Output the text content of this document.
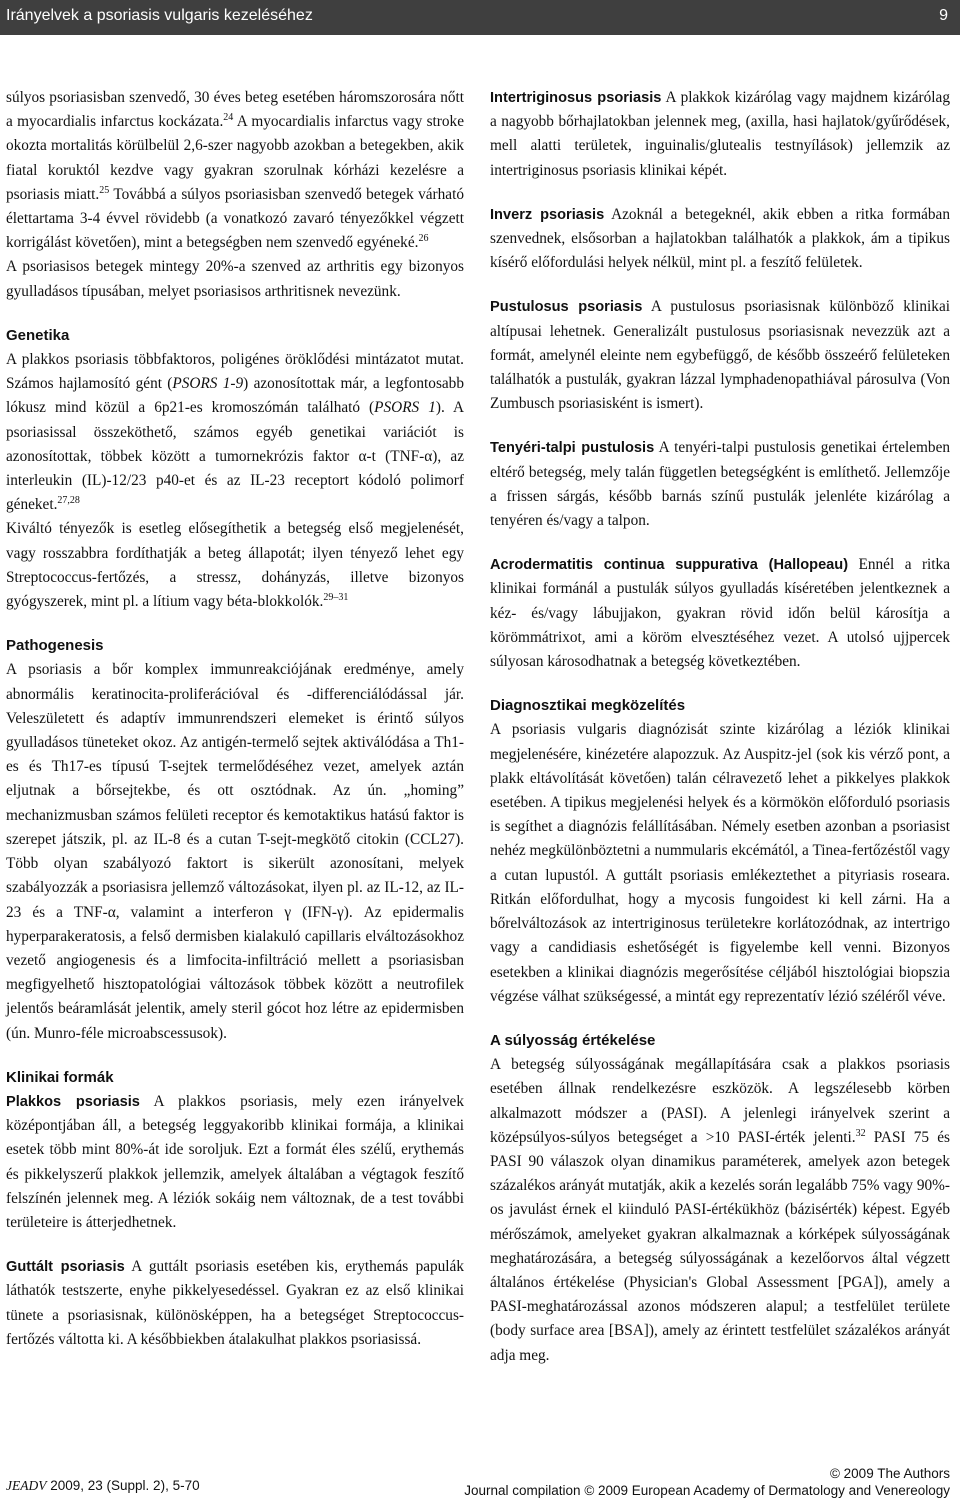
Irányelvek a psoriasis vulgaris kezeléséhez	9

súlyos psoriasisban szenvedő, 30 éves beteg esetében háromszorosára nőtt a myocardialis infarctus kockázata.$^{24}$ A myocardialis infarctus vagy stroke okozta mortalitás körülbelül 2,6-szer nagyobb azokban a betegekben, akik fiatal koruktól kezdve vagy gyakran szorulnak kórházi kezelésre a psoriasis miatt.$^{25}$ Továbbá a súlyos psoriasisban szenvedő betegek várható élettartama 3-4 évvel rövidebb (a vonatkozó zavaró tényezőkkel végzett korrigálást követően), mint a betegségben nem szenvedő egyéneké.$^{26}$

A psoriasisos betegek mintegy 20%-a szenved az arthritis egy bizonyos gyulladásos típusában, melyet psoriasisos arthritisnek nevezünk.

Genetika

A plakkos psoriasis többfaktoros, poligénes öröklődési mintázatot mutat. Számos hajlamosító gént (PSORS 1-9) azonosítottak már, a legfontosabb lókusz mind közül a 6p21-es kromoszómán található (PSORS 1). A psoriasissal összeköthető, számos egyéb genetikai variációt is azonosítottak, többek között a tumornekrózis faktor α-t (TNF-α), az interleukin (IL)-12/23 p40-et és az IL-23 receptort kódoló polimorf géneket.$^{27,28}$

Kiváltó tényezők is esetleg elősegíthetik a betegség első megjelenését, vagy rosszabbra fordíthatják a beteg állapotát; ilyen tényező lehet egy Streptococcus-fertőzés, a stressz, dohányzás, illetve bizonyos gyógyszerek, mint pl. a lítium vagy béta-blokkolók.$^{29-31}$

Pathogenesis

A psoriasis a bőr komplex immunreakciójának eredménye, amely abnormális keratinocita-proliferációval és -differenciálódással jár. Veleszületett és adaptív immunrendszeri elemeket is érintő súlyos gyulladásos tüneteket okoz. Az antigén-termelő sejtek aktiválódása a Th1-es és Th17-es típusú T-sejtek termelődéséhez vezet, amelyek aztán eljutnak a bőrsejtekbe, és ott osztódnak. Az ún. „homing” mechanizmusban számos felületi receptor és kemotaktikus hatású faktor is szerepet játszik, pl. az IL-8 és a cutan T-sejt-megkötő citokin (CCL27). Több olyan szabályozó faktort is sikerült azonosítani, melyek szabályozzák a psoriasisra jellemző változásokat, ilyen pl. az IL-12, az IL-23 és a TNF-α, valamint a interferon γ (IFN-γ). Az epidermalis hyperparakeratosis, a felső dermisben kialakuló capillaris elváltozásokhoz vezető angiogenesis és a limfocita-infiltráció mellett a psoriasisban megfigyelhető hisztopatológiai változások többek között a neutrofilek jelentős beáramlását jelentik, amely steril gócot hoz létre az epidermisben (ún. Munro-féle microabscessusok).

Klinikai formák

Plakkos psoriasis A plakkos psoriasis, mely ezen irányelvek középontjában áll, a betegség leggyakoribb klinikai formája, a klinikai esetek több mint 80%-át ide soroljuk. Ezt a formát éles szélű, erythemás és pikkelyszerű plakkok jellemzik, amelyek általában a végtagok feszítő felszínén jelennek meg. A léziók sokáig nem változnak, de a test további területeire is átterjedhetnek.

Guttált psoriasis A guttált psoriasis esetében kis, erythemás papulák láthatók testszerte, enyhe pikkelyesedéssel. Gyakran ez az első klinikai tünete a psoriasisnak, különösképpen, ha a betegséget Streptococcus-fertőzés váltotta ki. A későbbiekben átalakulhat plakkos psoriasissá.

Intertriginosus psoriasis A plakkok kizárólag vagy majdnem kizárólag a nagyobb bőrhajlatokban jelennek meg, (axilla, hasi hajlatok/gyűrődések, mell alatti területek, inguinalis/glutealis testnyílások) jellemzik az intertriginosus psoriasis klinikai képét.

Inverz psoriasis Azoknál a betegeknél, akik ebben a ritka formában szenvednek, elsősorban a hajlatokban találhatók a plakkok, ám a tipikus kísérő előfordulási helyek nélkül, mint pl. a feszítő felületek.

Pustulosus psoriasis A pustulosus psoriasisnak különböző klinikai altípusai lehetnek. Generalizált pustulosus psoriasisnak nevezzük azt a formát, amelynél eleinte nem egybefüggő, de később összeérő felületeken találhatók a pustulák, gyakran lázzal lymphadenopathiával párosulva (Von Zumbusch psoriasisként is ismert).

Tenyéri-talpi pustulosis A tenyéri-talpi pustulosis genetikai értelemben eltérő betegség, mely talán független betegségként is említhető. Jellemzője a frissen sárgás, később barnás színű pustulák jelenléte kizárólag a tenyéren és/vagy a talpon.

Acrodermatitis continua suppurativa (Hallopeau) Ennél a ritka klinikai formánál a pustulák súlyos gyulladás kíséretében jelentkeznek a kéz- és/vagy lábujjakon, gyakran rövid időn belül károsítja a körömmátrixot, ami a köröm elvesztéséhez vezet. A utolsó ujjpercek súlyosan károsodhatnak a betegség következtében.

Diagnosztikai megközelítés

A psoriasis vulgaris diagnózisát szinte kizárólag a léziók klinikai megjelenésére, kinézetére alapozzuk. Az Auspitz-jel (sok kis vérző pont, a plakk eltávolítását követően) talán célravezető lehet a pikkelyes plakkok esetében. A tipikus megjelenési helyek és a körmökön előforduló psoriasis is segíthet a diagnózis felállításában. Némely esetben azonban a psoriasist nehéz megkülönböztetni a nummularis ekcémától, a Tinea-fertőzéstől vagy a cutan lupustól. A guttált psoriasis emlékeztethet a pityriasis roseara. Ritkán előfordulhat, hogy a mycosis fungoidest ki kell zárni. Ha a bőrelváltozások az intertriginosus területekre korlátozódnak, az intertrigo vagy a candidiasis eshetőségét is figyelembe kell venni. Bizonyos esetekben a klinikai diagnózis megerősítése céljából hisztológiai biopszia végzése válhat szükségessé, a mintát egy reprezentatív lézió széléről véve.

A súlyosság értékelése

A betegség súlyosságának megállapítására csak a plakkos psoriasis esetében állnak rendelkezésre eszközök. A legszélesebb körben alkalmazott módszer a (PASI). A jelenlegi irányelvek szerint a középsúlyos-súlyos betegséget a >10 PASI-érték jelenti.$^{32}$ PASI 75 és PASI 90 válaszok olyan dinamikus paraméterek, amelyek azon betegek százalékos arányát mutatják, akik a kezelés során legalább 75% vagy 90%-os javulást érnek el kiinduló PASI-értékükhöz (bázisérték) képest. Egyéb mérőszámok, amelyeket gyakran alkalmaznak a kórképek súlyosságának meghatározására, a betegség súlyosságának a kezelőorvos által végzett általános értékelése (Physician's Global Assessment [PGA]), amely a PASI-meghatározással azonos módszeren alapul; a testfelület területe (body surface area [BSA]), amely az érintett testfelület százalékos arányát adja meg.

JEADV 2009, 23 (Suppl. 2), 5-70
© 2009 The Authors
Journal compilation © 2009 European Academy of Dermatology and Venereology
